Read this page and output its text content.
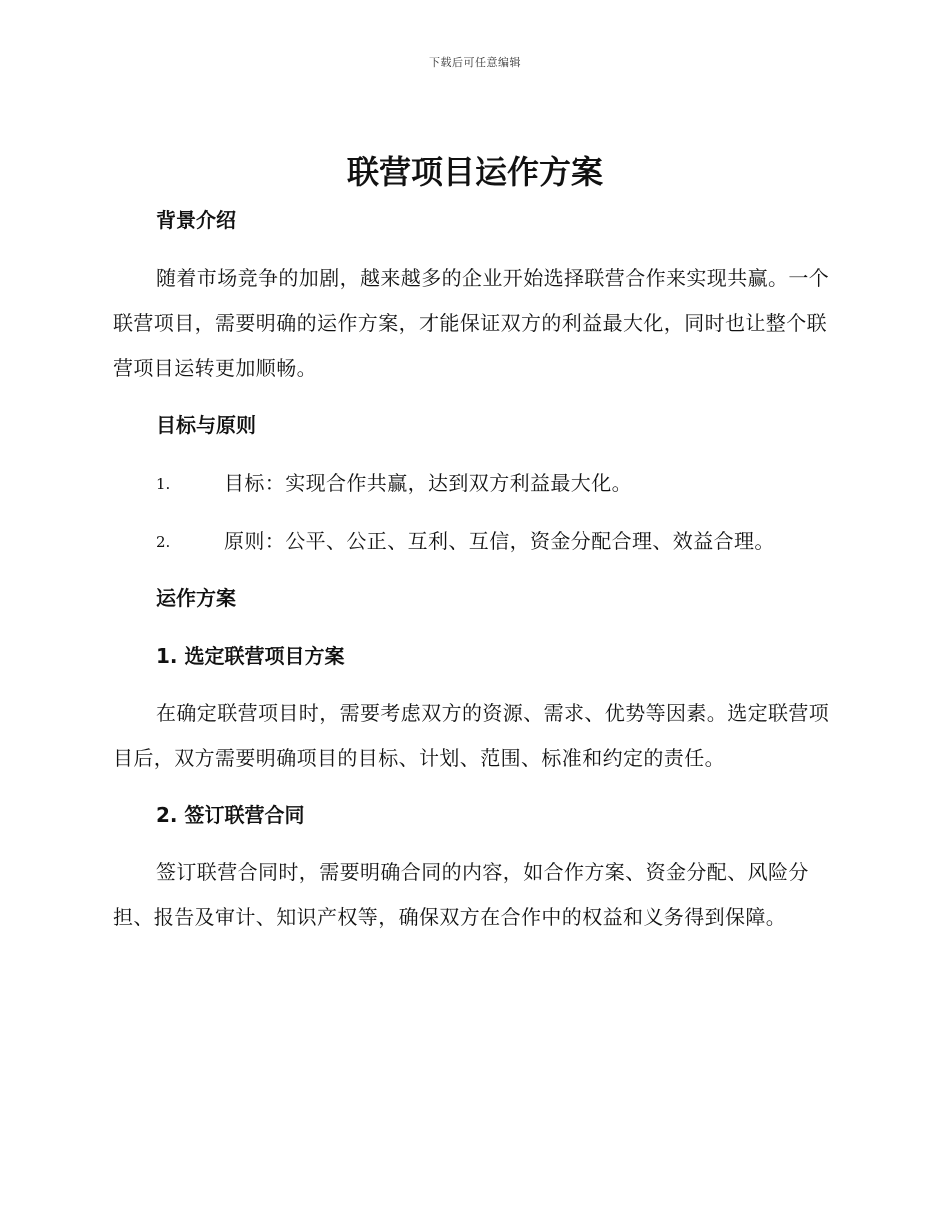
下载后可任意编辑
联营项目运作方案
背景介绍

随着市场竞争的加剧，越来越多的企业开始选择联营合作来实现共赢。一个联营项目，需要明确的运作方案，才能保证双方的利益最大化，同时也让整个联营项目运转更加顺畅。

目标与原则
1.	目标：实现合作共赢，达到双方利益最大化。
2.	原则：公平、公正、互利、互信，资金分配合理、效益合理。
运作方案
1. 选定联营项目方案

在确定联营项目时，需要考虑双方的资源、需求、优势等因素。选定联营项目后，双方需要明确项目的目标、计划、范围、标准和约定的责任。

2. 签订联营合同

签订联营合同时，需要明确合同的内容，如合作方案、资金分配、风险分担、报告及审计、知识产权等，确保双方在合作中的权益和义务得到保障。
